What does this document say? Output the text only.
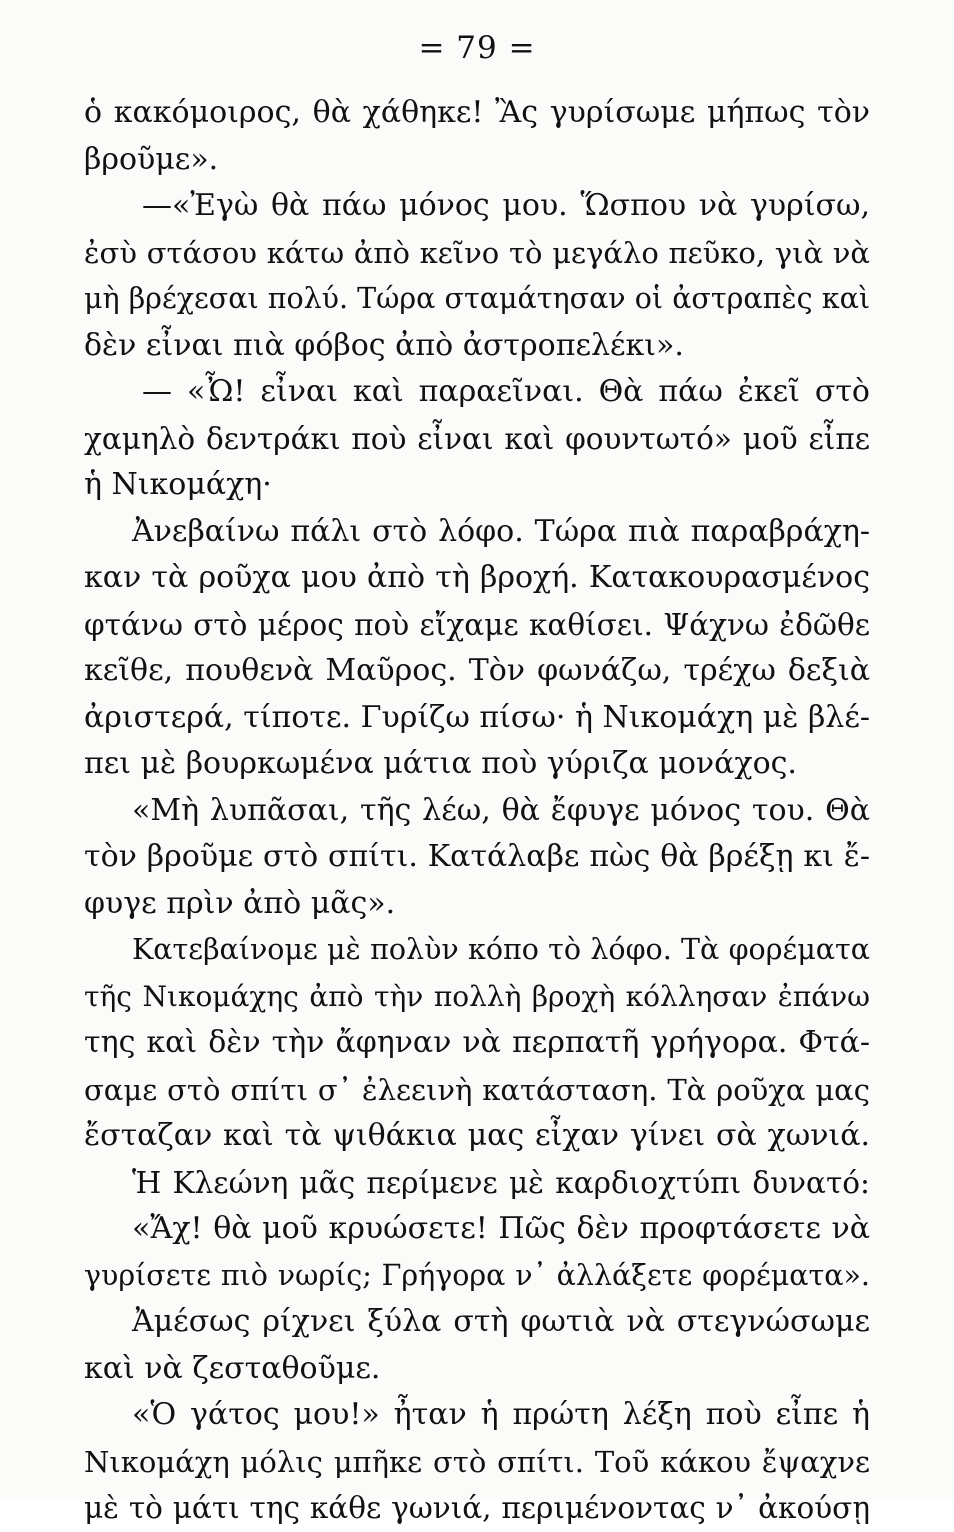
= 79 =
ὁ κακόμοιρος, θὰ χάθηκε! Ἂς γυρίσωμε μήπως τὸν
βροῦμε».
—«Ἐγὼ θὰ πάω μόνος μου. Ὥσπου νὰ γυρίσω,
ἐσὺ στάσου κάτω ἀπὸ κεῖνο τὸ μεγάλο πεῦκο, γιὰ νὰ
μὴ βρέχεσαι πολύ. Τώρα σταμάτησαν οἱ ἀστραπὲς καὶ
δὲν εἶναι πιὰ φόβος ἀπὸ ἀστροπελέκι».
— «Ὦ! εἶναι καὶ παραεῖναι. Θὰ πάω ἐκεῖ στὸ
χαμηλὸ δεντράκι ποὺ εἶναι καὶ φουντωτό» μοῦ εἶπε
ἡ Νικομάχη·
Ἀνεβαίνω πάλι στὸ λόφο. Τώρα πιὰ παραβράχη-
καν τὰ ροῦχα μου ἀπὸ τὴ βροχή. Κατακουρασμένος
φτάνω στὸ μέρος ποὺ εἴχαμε καθίσει. Ψάχνω ἐδῶθε
κεῖθε, πουθενὰ Μαῦρος. Τὸν φωνάζω, τρέχω δεξιὰ
ἀριστερά, τίποτε. Γυρίζω πίσω· ἡ Νικομάχη μὲ βλέ-
πει μὲ βουρκωμένα μάτια ποὺ γύριζα μονάχος.
«Μὴ λυπᾶσαι, τῆς λέω, θὰ ἔφυγε μόνος του. Θὰ
τὸν βροῦμε στὸ σπίτι. Κατάλαβε πὼς θὰ βρέξῃ κι ἔ-
φυγε πρὶν ἀπὸ μᾶς».
Κατεβαίνομε μὲ πολὺν κόπο τὸ λόφο. Τὰ φορέματα
τῆς Νικομάχης ἀπὸ τὴν πολλὴ βροχὴ κόλλησαν ἐπάνω
της καὶ δὲν τὴν ἄφηναν νὰ περπατῆ γρήγορα. Φτά-
σαμε στὸ σπίτι σ᾽ ἐλεεινὴ κατάσταση. Τὰ ροῦχα μας
ἔσταζαν καὶ τὰ ψιθάκια μας εἶχαν γίνει σὰ χωνιά.
Ἡ Κλεώνη μᾶς περίμενε μὲ καρδιοχτύπι δυνατό:
«Ἄχ! θὰ μοῦ κρυώσετε! Πῶς δὲν προφτάσετε νὰ
γυρίσετε πιὸ νωρίς; Γρήγορα ν᾽ ἀλλάξετε φορέματα».
Ἀμέσως ρίχνει ξύλα στὴ φωτιὰ νὰ στεγνώσωμε
καὶ νὰ ζεσταθοῦμε.
«Ὁ γάτος μου!» ἦταν ἡ πρώτη λέξη ποὺ εἶπε ἡ
Νικομάχη μόλις μπῆκε στὸ σπίτι. Τοῦ κάκου ἔψαχνε
μὲ τὸ μάτι της κάθε γωνιά, περιμένοντας ν᾽ ἀκούσῃ
